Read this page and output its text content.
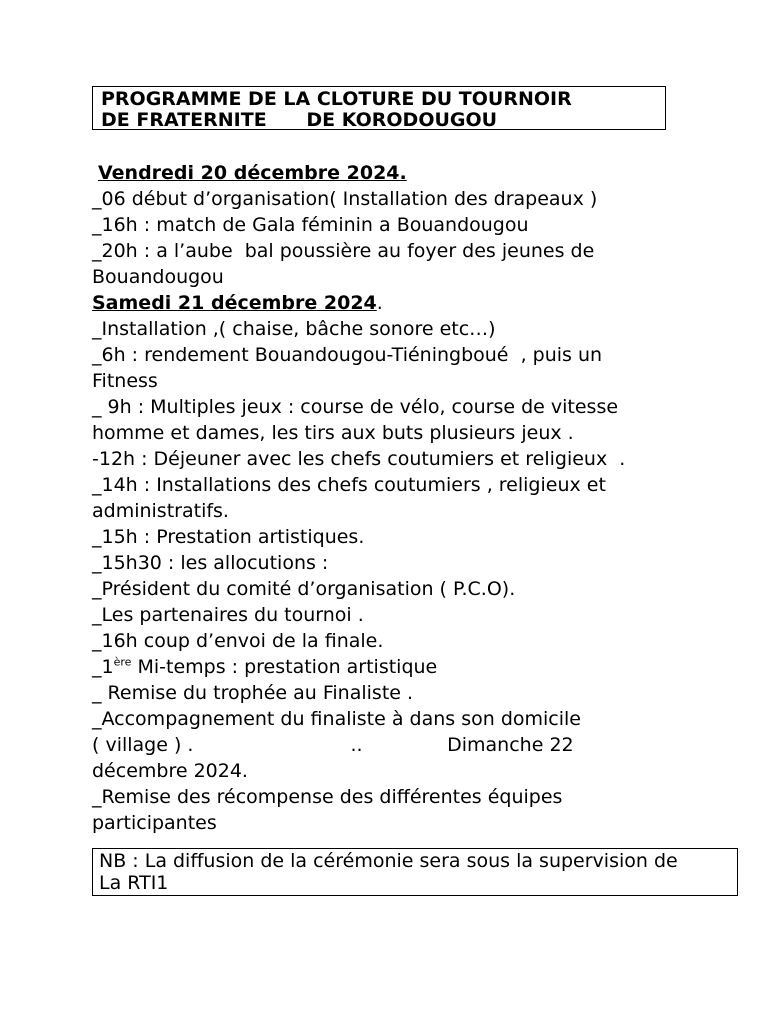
PROGRAMME DE LA CLOTURE DU TOURNOIR
DE FRATERNITE      DE KORODOUGOU
Vendredi 20 décembre 2024.
_06 début d’organisation( Installation des drapeaux )
_16h : match de Gala féminin a Bouandougou
_20h : a l’aube  bal poussière au foyer des jeunes de
Bouandougou
Samedi 21 décembre 2024.
_Installation ,( chaise, bâche sonore etc…)
_6h : rendement Bouandougou-Tiéningboué  , puis un
Fitness
_ 9h : Multiples jeux : course de vélo, course de vitesse
homme et dames, les tirs aux buts plusieurs jeux .
-12h : Déjeuner avec les chefs coutumiers et religieux  .
_14h : Installations des chefs coutumiers , religieux et
administratifs.
_15h : Prestation artistiques.
_15h30 : les allocutions :
_Président du comité d’organisation ( P.C.O).
_Les partenaires du tournoi .
_16h coup d’envoi de la finale.
_1ère Mi-temps : prestation artistique
_ Remise du trophée au Finaliste .
_Accompagnement du finaliste à dans son domicile
( village ) .                          ..              Dimanche 22
décembre 2024.
_Remise des récompense des différentes équipes
participantes
NB : La diffusion de la cérémonie sera sous la supervision de
La RTI1
